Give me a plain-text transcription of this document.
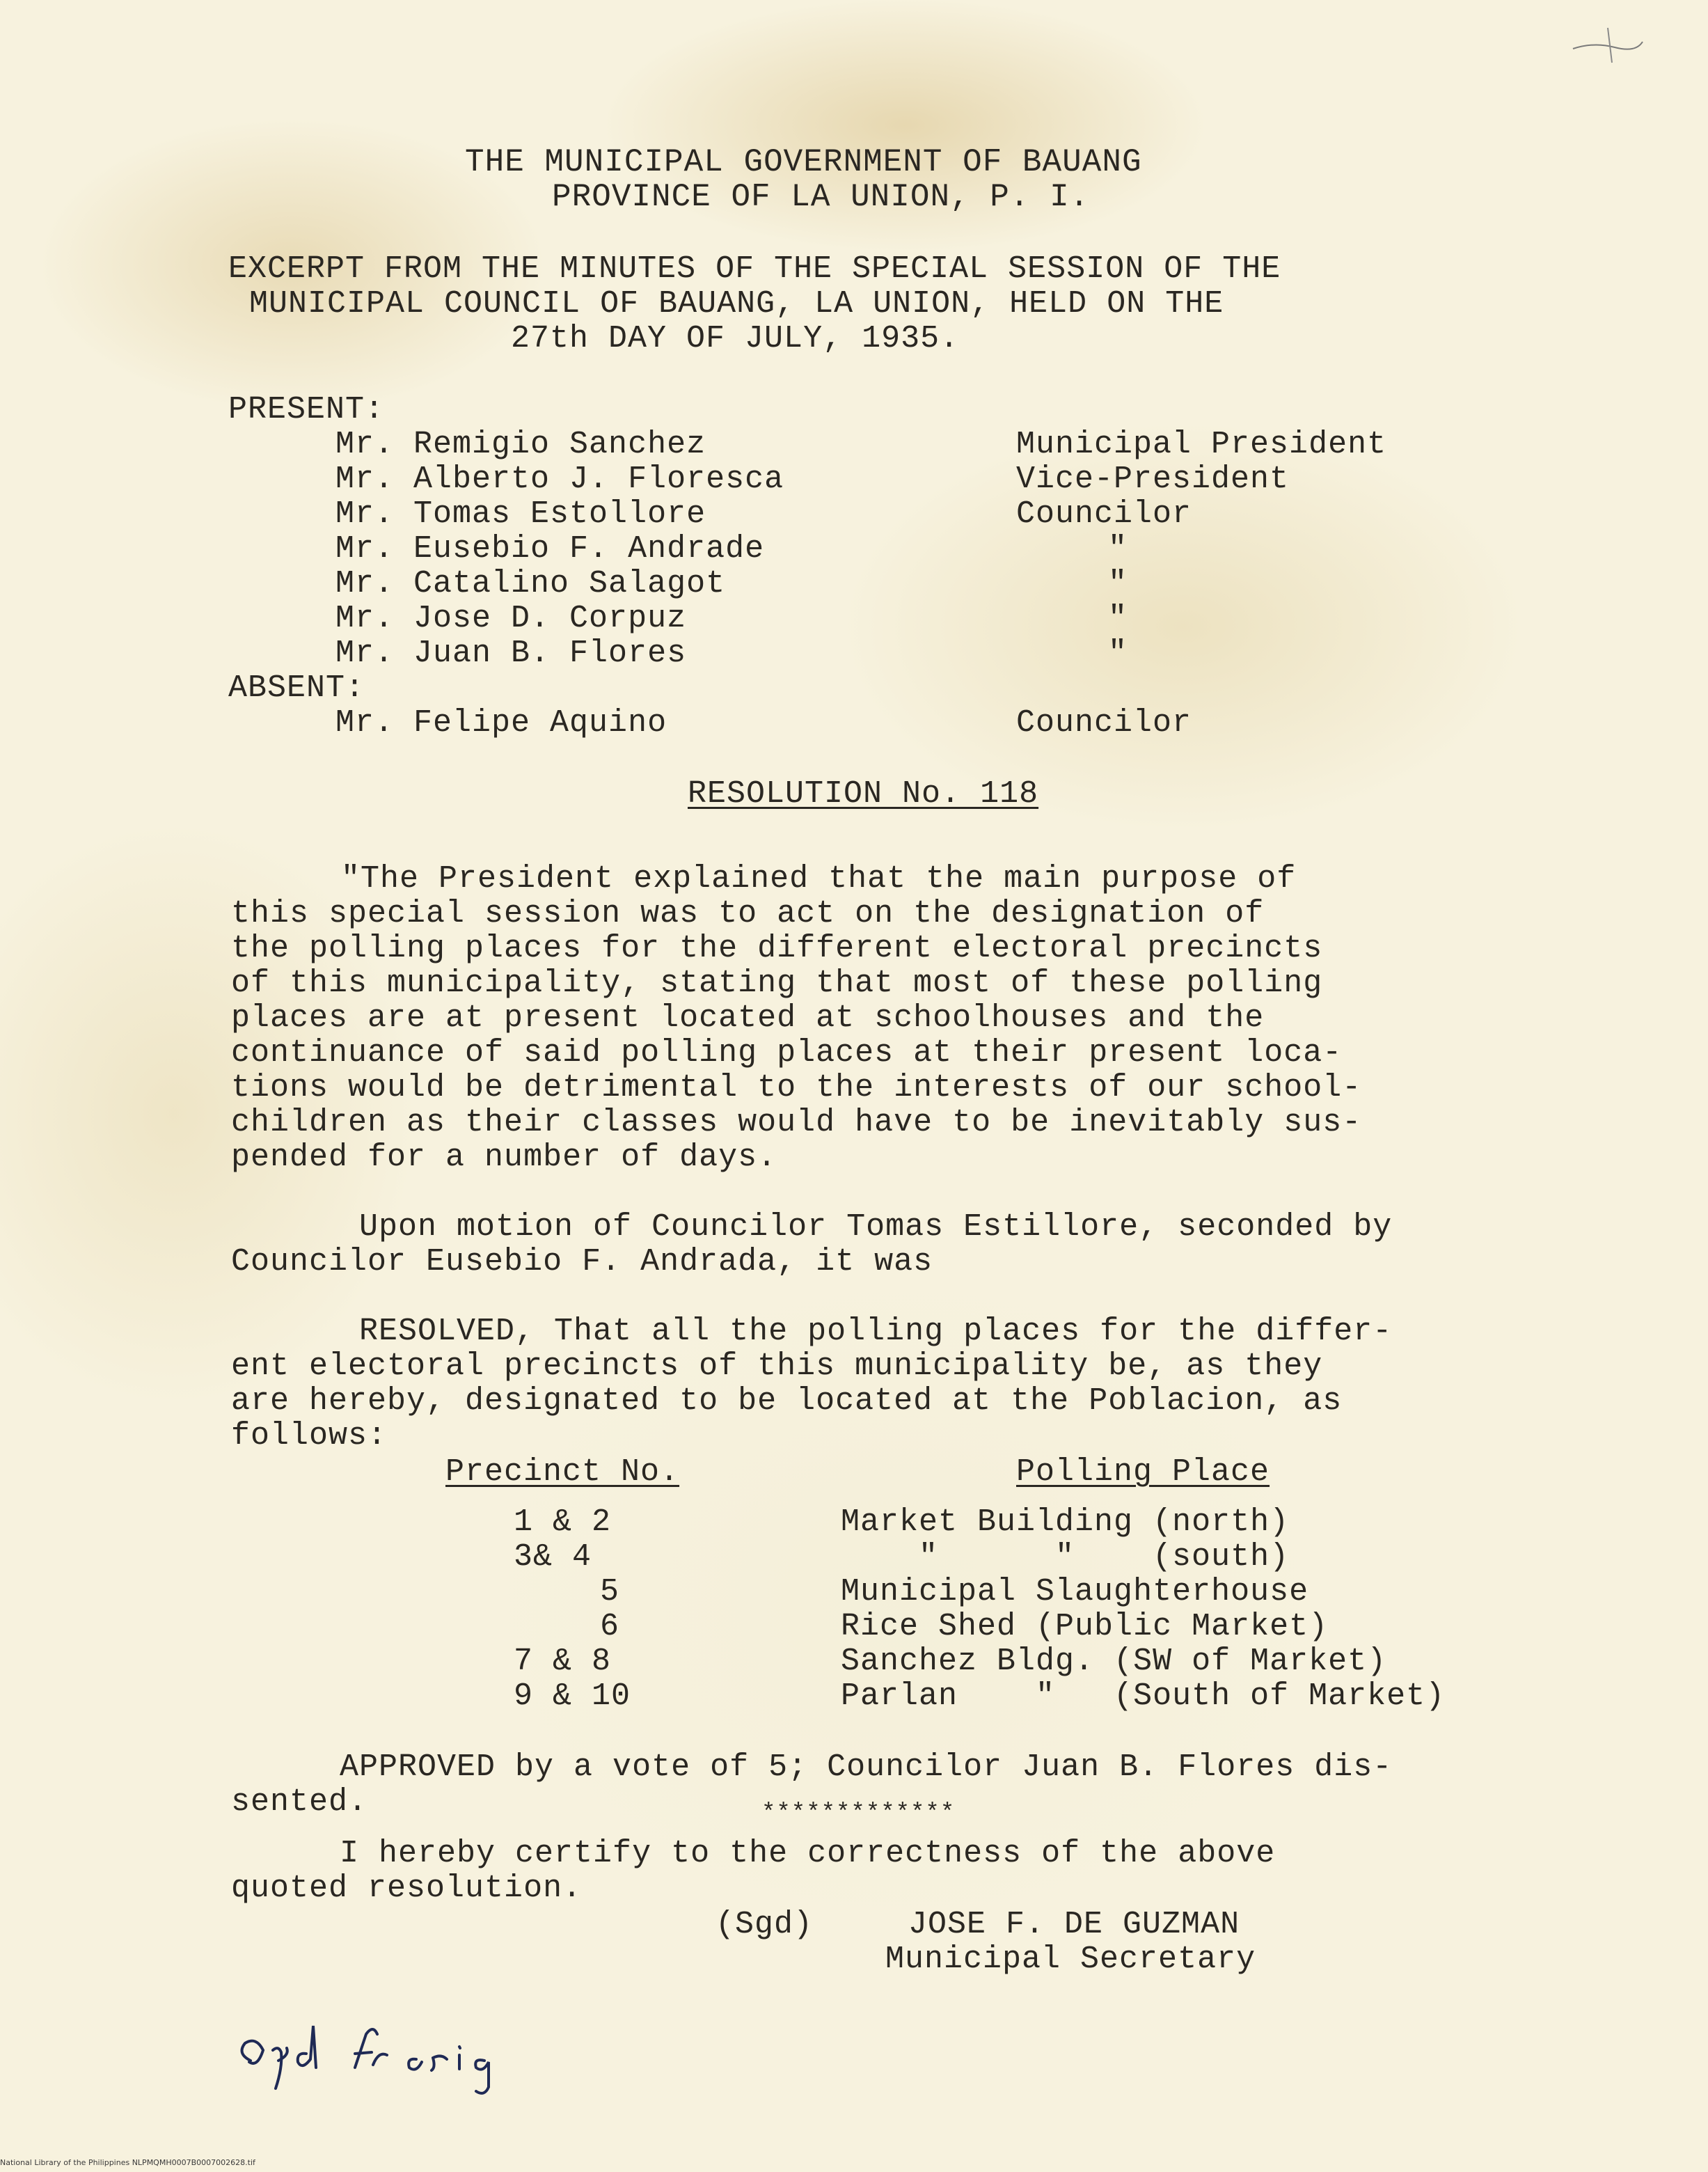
THE MUNICIPAL GOVERNMENT OF BAUANG
PROVINCE OF LA UNION, P. I.
EXCERPT FROM THE MINUTES OF THE SPECIAL SESSION OF THE
MUNICIPAL COUNCIL OF BAUANG, LA UNION, HELD ON THE
27th DAY OF JULY, 1935.
PRESENT:
Mr. Remigio Sanchez	Municipal President
Mr. Alberto J. Floresca	Vice-President
Mr. Tomas Estollore	Councilor
Mr. Eusebio F. Andrade	"
Mr. Catalino Salagot	"
Mr. Jose D. Corpuz	"
Mr. Juan B. Flores	"
ABSENT:
Mr. Felipe Aquino	Councilor
RESOLUTION No. 118
"The President explained that the main purpose of
this special session was to act on the designation of
the polling places for the different electoral precincts
of this municipality, stating that most of these polling
places are at present located at schoolhouses and the
continuance of said polling places at their present loca-
tions would be detrimental to the interests of our school-
children as their classes would have to be inevitably sus-
pended for a number of days.
Upon motion of Councilor Tomas Estillore, seconded by
Councilor Eusebio F. Andrada, it was
RESOLVED, That all the polling places for the differ-
ent electoral precincts of this municipality be, as they
are hereby, designated to be located at the Poblacion, as
follows:
Precinct No.	Polling Place
1 & 2	Market Building (north)
3& 4	"      "    (south)
5	Municipal Slaughterhouse
6	Rice Shed (Public Market)
7 & 8	Sanchez Bldg. (SW of Market)
9 & 10	Parlan    "   (South of Market)
APPROVED by a vote of 5; Councilor Juan B. Flores dis-
sented.	*************
I hereby certify to the correctness of the above
quoted resolution.
(Sgd)	JOSE F. DE GUZMAN
Municipal Secretary
National Library of the Philippines NLPMQMH0007B0007002628.tif
